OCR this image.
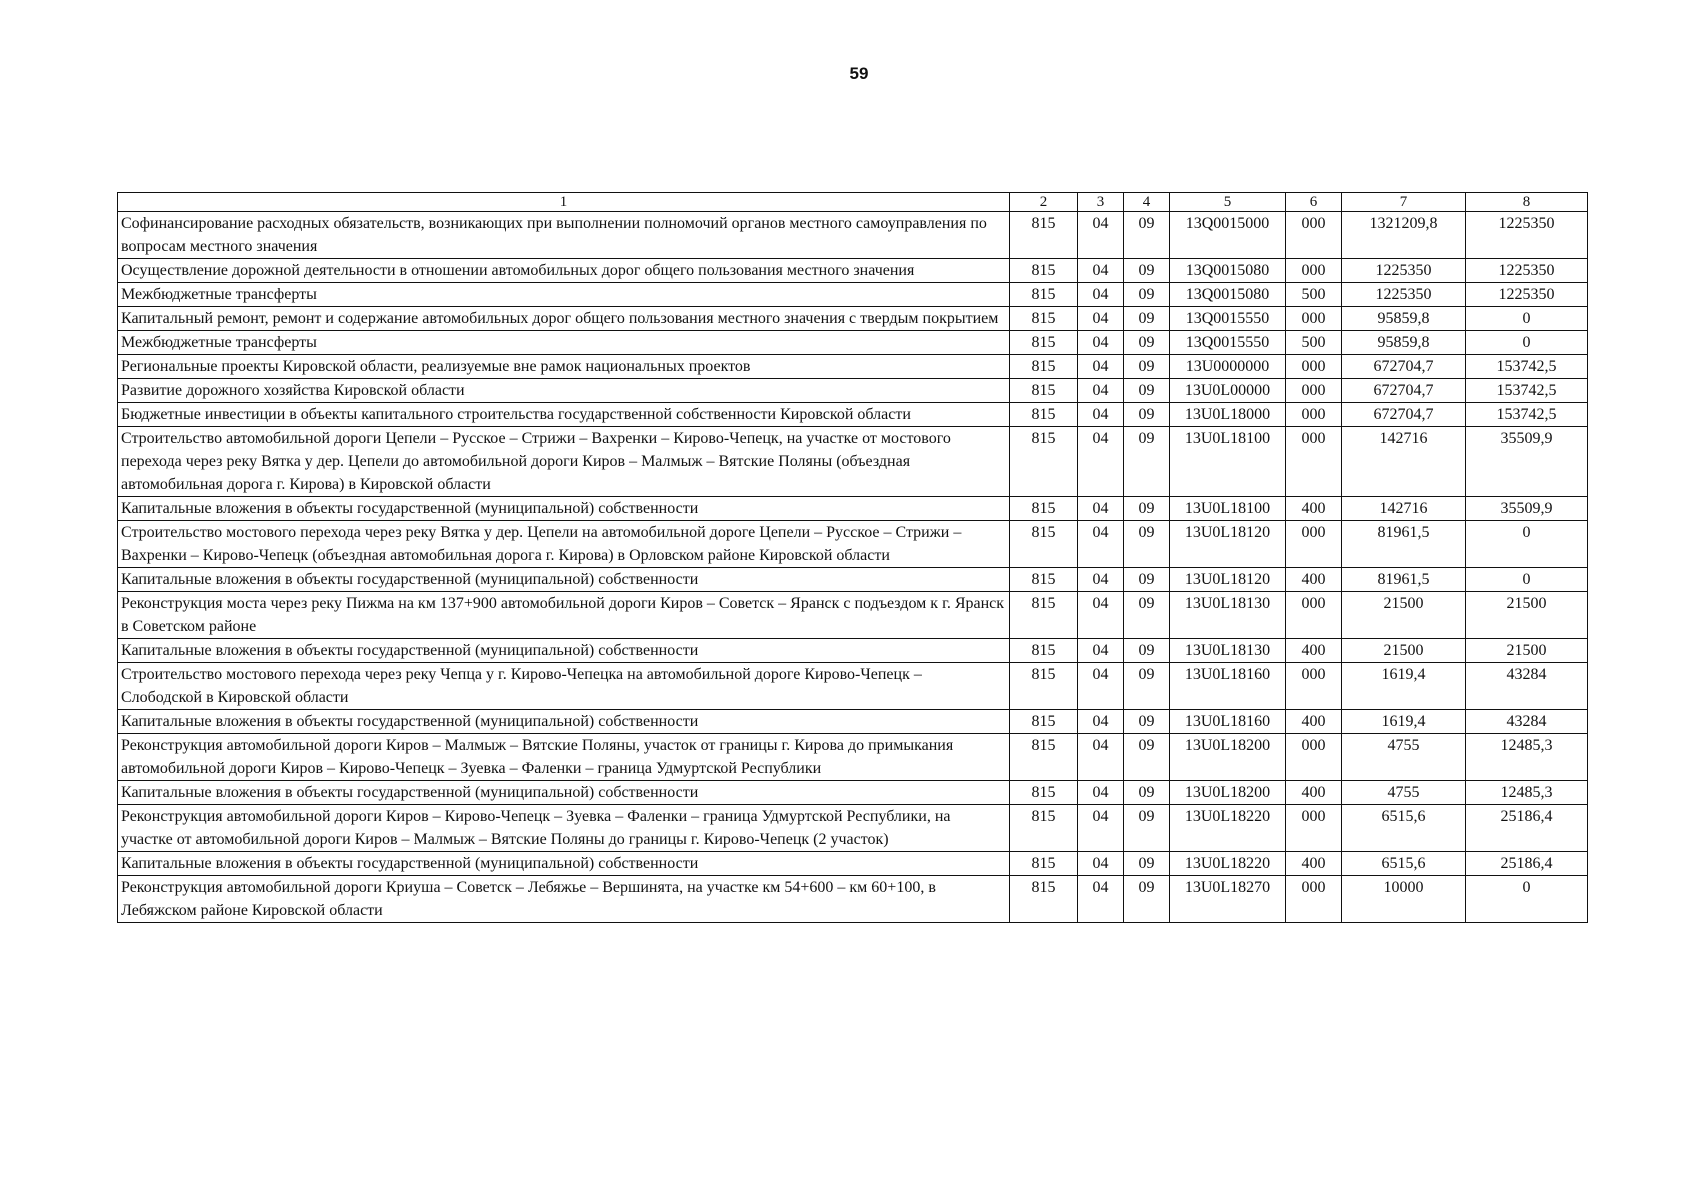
59
1	2	3	4	5	6	7	8
Софинансирование расходных обязательств, возникающих при выполнении полномочий органов местного самоуправления по вопросам местного значения	815	04	09	13Q0015000	000	1321209,8	1225350
Осуществление дорожной деятельности в отношении автомобильных дорог общего пользования местного значения	815	04	09	13Q0015080	000	1225350	1225350
Межбюджетные трансферты	815	04	09	13Q0015080	500	1225350	1225350
Капитальный ремонт, ремонт и содержание автомобильных дорог общего пользования местного значения с твердым покрытием	815	04	09	13Q0015550	000	95859,8	0
Межбюджетные трансферты	815	04	09	13Q0015550	500	95859,8	0
Региональные проекты Кировской области, реализуемые вне рамок национальных проектов	815	04	09	13U0000000	000	672704,7	153742,5
Развитие дорожного хозяйства Кировской области	815	04	09	13U0L00000	000	672704,7	153742,5
Бюджетные инвестиции в объекты капитального строительства государственной собственности Кировской области	815	04	09	13U0L18000	000	672704,7	153742,5
Строительство автомобильной дороги Цепели – Русское – Стрижи – Вахренки – Кирово-Чепецк, на участке от мостового перехода через реку Вятка у дер. Цепели до автомобильной дороги Киров – Малмыж – Вятские Поляны (объездная автомобильная дорога г. Кирова) в Кировской области	815	04	09	13U0L18100	000	142716	35509,9
Капитальные вложения в объекты государственной (муниципальной) собственности	815	04	09	13U0L18100	400	142716	35509,9
Строительство мостового перехода через реку Вятка у дер. Цепели на автомобильной дороге Цепели – Русское – Стрижи – Вахренки – Кирово-Чепецк (объездная автомобильная дорога г. Кирова) в Орловском районе Кировской области	815	04	09	13U0L18120	000	81961,5	0
Капитальные вложения в объекты государственной (муниципальной) собственности	815	04	09	13U0L18120	400	81961,5	0
Реконструкция моста через реку Пижма на км 137+900 автомобильной дороги Киров – Советск – Яранск с подъездом к г. Яранск в Советском районе	815	04	09	13U0L18130	000	21500	21500
Капитальные вложения в объекты государственной (муниципальной) собственности	815	04	09	13U0L18130	400	21500	21500
Строительство мостового перехода через реку Чепца у г. Кирово-Чепецка на автомобильной дороге Кирово-Чепецк – Слободской в Кировской области	815	04	09	13U0L18160	000	1619,4	43284
Капитальные вложения в объекты государственной (муниципальной) собственности	815	04	09	13U0L18160	400	1619,4	43284
Реконструкция автомобильной дороги Киров – Малмыж – Вятские Поляны, участок от границы г. Кирова до примыкания автомобильной дороги Киров – Кирово-Чепецк – Зуевка – Фаленки – граница Удмуртской Республики	815	04	09	13U0L18200	000	4755	12485,3
Капитальные вложения в объекты государственной (муниципальной) собственности	815	04	09	13U0L18200	400	4755	12485,3
Реконструкция автомобильной дороги Киров – Кирово-Чепецк – Зуевка – Фаленки – граница Удмуртской Республики, на участке от автомобильной дороги Киров – Малмыж – Вятские Поляны до границы г. Кирово-Чепецк (2 участок)	815	04	09	13U0L18220	000	6515,6	25186,4
Капитальные вложения в объекты государственной (муниципальной) собственности	815	04	09	13U0L18220	400	6515,6	25186,4
Реконструкция автомобильной дороги Криуша – Советск – Лебяжье – Вершинята, на участке км 54+600 – км 60+100, в Лебяжском районе Кировской области	815	04	09	13U0L18270	000	10000	0
